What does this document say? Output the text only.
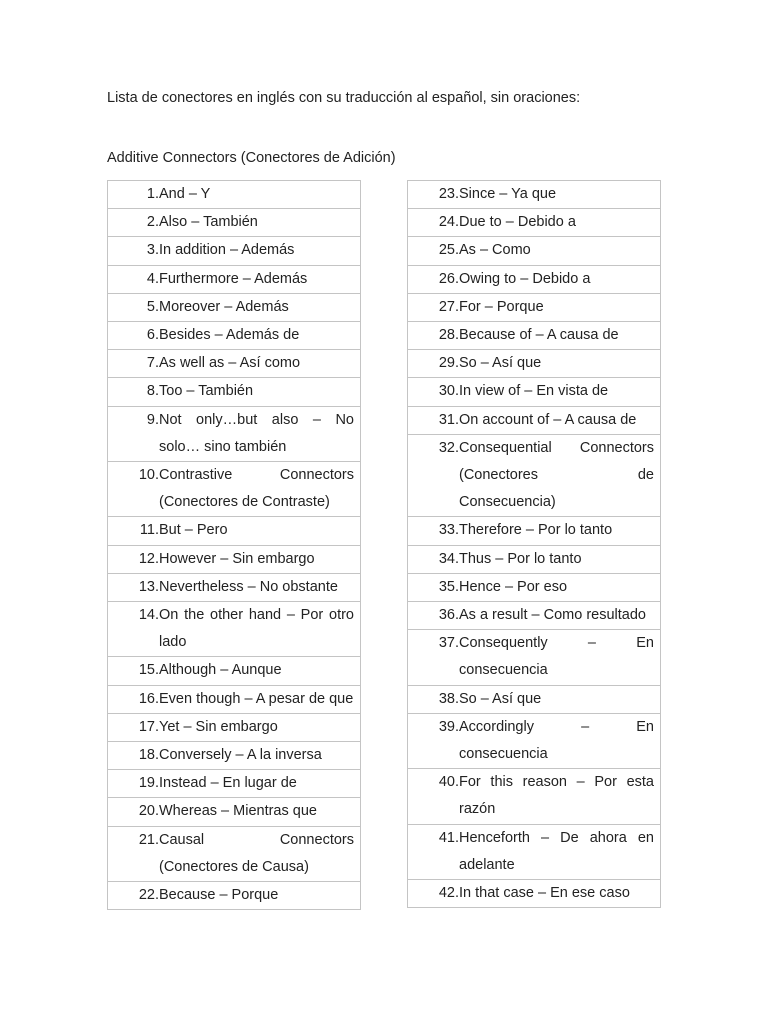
Lista de conectores en inglés con su traducción al español, sin oraciones:

Additive Connectors (Conectores de Adición)

1. And – Y
2. Also – También
3. In addition – Además
4. Furthermore – Además
5. Moreover – Además
6. Besides – Además de
7. As well as – Así como
8. Too – También
9. Not only…but also – No solo… sino también
10. Contrastive Connectors (Conectores de Contraste)
11. But – Pero
12. However – Sin embargo
13. Nevertheless – No obstante
14. On the other hand – Por otro lado
15. Although – Aunque
16. Even though – A pesar de que
17. Yet – Sin embargo
18. Conversely – A la inversa
19. Instead – En lugar de
20. Whereas – Mientras que
21. Causal Connectors (Conectores de Causa)
22. Because – Porque
23. Since – Ya que
24. Due to – Debido a
25. As – Como
26. Owing to – Debido a
27. For – Porque
28. Because of – A causa de
29. So – Así que
30. In view of – En vista de
31. On account of – A causa de
32. Consequential Connectors (Conectores de Consecuencia)
33. Therefore – Por lo tanto
34. Thus – Por lo tanto
35. Hence – Por eso
36. As a result – Como resultado
37. Consequently – En consecuencia
38. So – Así que
39. Accordingly – En consecuencia
40. For this reason – Por esta razón
41. Henceforth – De ahora en adelante
42. In that case – En ese caso
